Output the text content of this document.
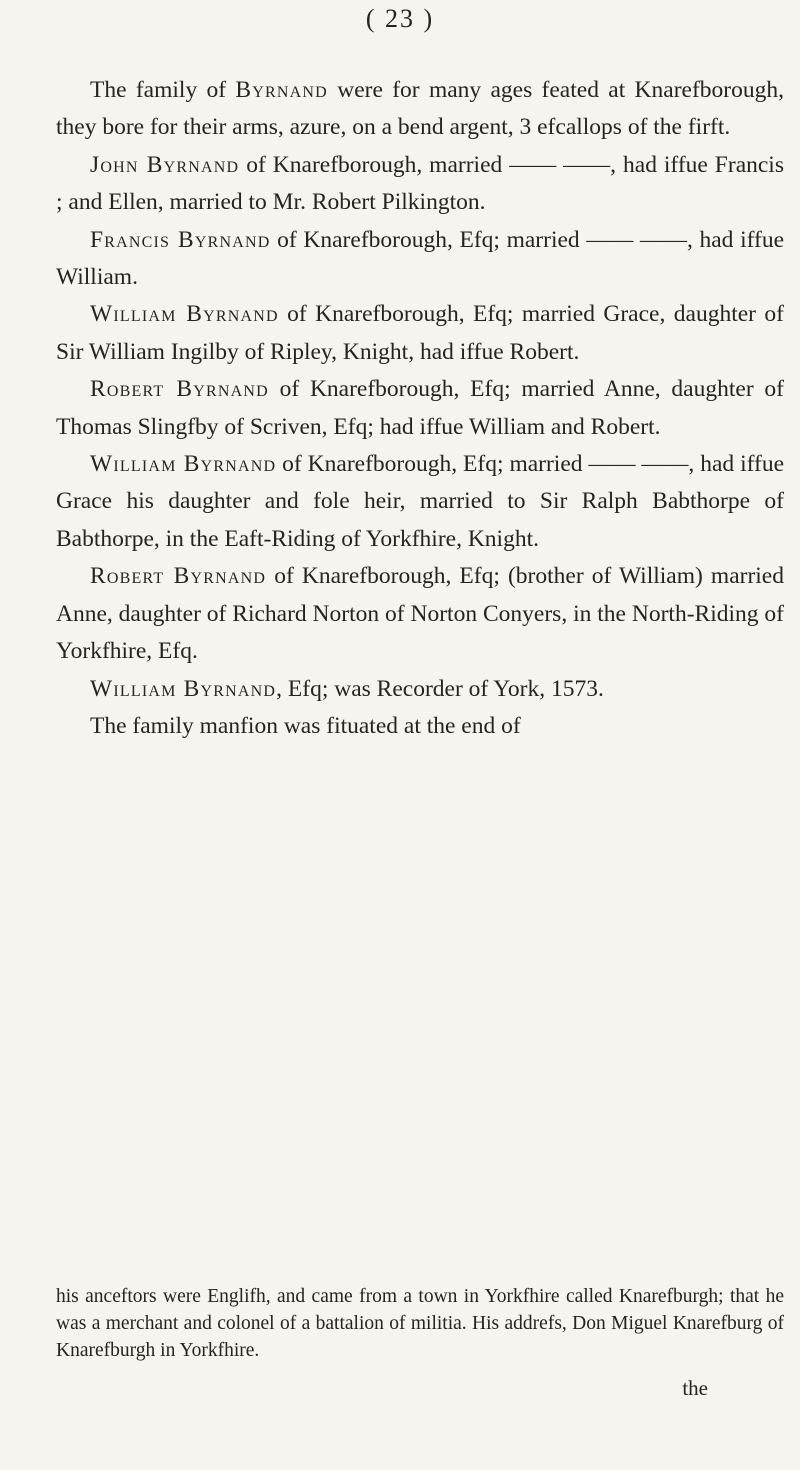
( 23 )

The family of Byrnand were for many ages feated at Knarefborough, they bore for their arms, azure, on a bend argent, 3 efcallops of the firft.

John Byrnand of Knarefborough, married —— ——, had iffue Francis ; and Ellen, married to Mr. Robert Pilkington.

Francis Byrnand of Knarefborough, Efq; married —— ——, had iffue William.

William Byrnand of Knarefborough, Efq; married Grace, daughter of Sir William Ingilby of Ripley, Knight, had iffue Robert.

Robert Byrnand of Knarefborough, Efq; married Anne, daughter of Thomas Slingfby of Scriven, Efq; had iffue William and Robert.

William Byrnand of Knarefborough, Efq; married —— ——, had iffue Grace his daughter and fole heir, married to Sir Ralph Babthorpe of Babthorpe, in the Eaft-Riding of Yorkfhire, Knight.

Robert Byrnand of Knarefborough, Efq; (brother of William) married Anne, daughter of Richard Norton of Norton Conyers, in the North-Riding of Yorkfhire, Efq.

William Byrnand, Efq; was Recorder of York, 1573.

The family manfion was fituated at the end of

his anceftors were Englifh, and came from a town in Yorkfhire called Knarefburgh; that he was a merchant and colonel of a battalion of militia. His addrefs, Don Miguel Knarefburg of Knarefburgh in Yorkfhire.

the
